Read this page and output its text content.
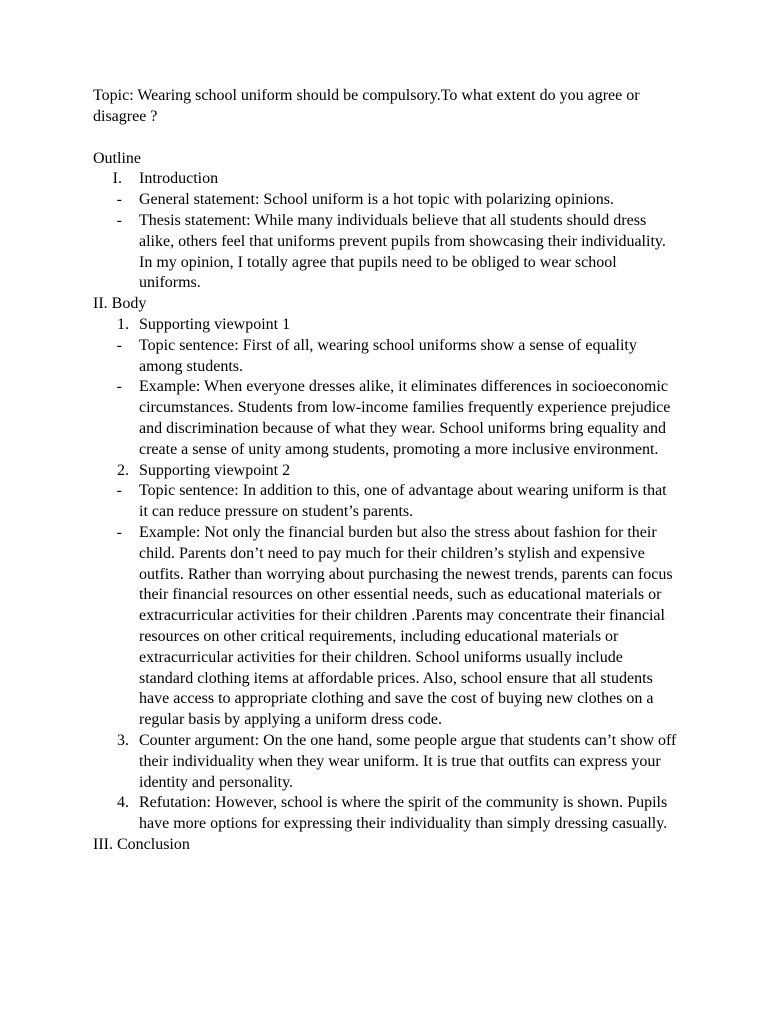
Topic: Wearing school uniform should be compulsory.To what extent do you agree or disagree ?

Outline

I.	Introduction
-	General statement: School uniform is a hot topic with polarizing opinions.
-	Thesis statement: While many individuals believe that all students should dress alike, others feel that uniforms prevent pupils from showcasing their individuality. In my opinion, I totally agree that pupils need to be obliged to wear school uniforms.

II. Body

1. Supporting viewpoint 1
-	Topic sentence: First of all, wearing school uniforms show a sense of equality among students.
-	Example: When everyone dresses alike, it eliminates differences in socioeconomic circumstances. Students from low-income families frequently experience prejudice and discrimination because of what they wear. School uniforms bring equality and create a sense of unity among students, promoting a more inclusive environment.
2. Supporting viewpoint 2
-	Topic sentence: In addition to this, one of advantage about wearing uniform is that it can reduce pressure on student’s parents.
-	Example: Not only the financial burden but also the stress about fashion for their child. Parents don’t need to pay much for their children’s stylish and expensive outfits. Rather than worrying about purchasing the newest trends, parents can focus their financial resources on other essential needs, such as educational materials or extracurricular activities for their children .Parents may concentrate their financial resources on other critical requirements, including educational materials or extracurricular activities for their children. School uniforms usually include standard clothing items at affordable prices. Also, school ensure that all students have access to appropriate clothing and save the cost of buying new clothes on a regular basis by applying a uniform dress code.
3. Counter argument: On the one hand, some people argue that students can’t show off their individuality when they wear uniform. It is true that outfits can express your identity and personality.
4. Refutation: However, school is where the spirit of the community is shown. Pupils have more options for expressing their individuality than simply dressing casually.

III. Conclusion
